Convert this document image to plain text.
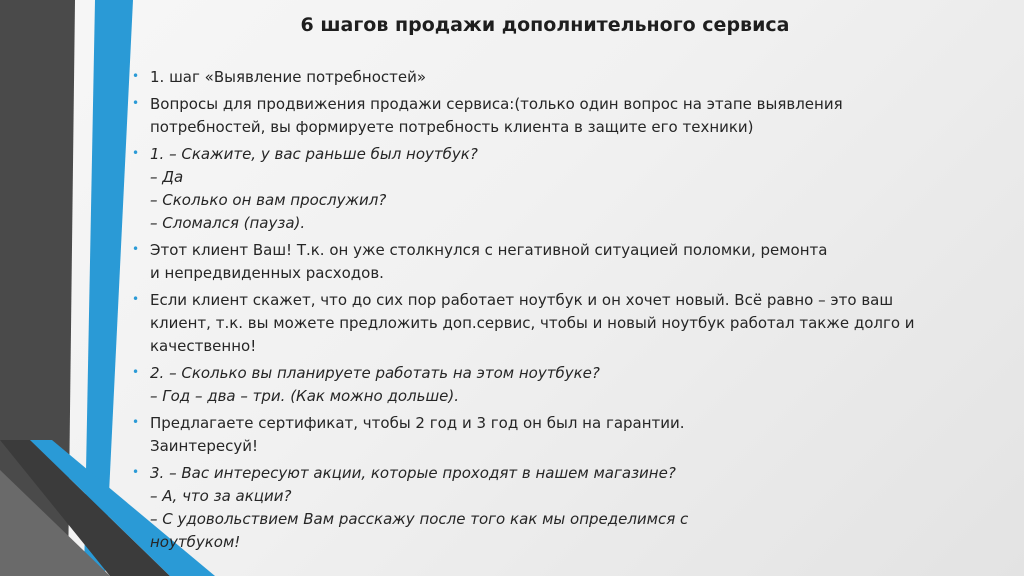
6 шагов продажи дополнительного сервиса
• 1. шаг «Выявление потребностей»
• Вопросы для продвижения продажи сервиса:(только один вопрос на этапе выявления
потребностей, вы формируете потребность клиента в защите его техники)
• 1. – Скажите, у вас раньше был ноутбук?
– Да
– Сколько он вам прослужил?
– Сломался (пауза).
• Этот клиент Ваш! Т.к. он уже столкнулся с негативной ситуацией поломки, ремонта
и непредвиденных расходов.
• Если клиент скажет, что до сих пор работает ноутбук и он хочет новый. Всё равно – это ваш
клиент, т.к. вы можете предложить доп.сервис, чтобы и новый ноутбук работал также долго и
качественно!
• 2. – Сколько вы планируете работать на этом ноутбуке?
– Год – два – три. (Как можно дольше).
• Предлагаете сертификат, чтобы 2 год и 3 год он был на гарантии.
Заинтересуй!
• 3. – Вас интересуют акции, которые проходят в нашем магазине?
– А, что за акции?
– С удовольствием Вам расскажу после того как мы определимся с
ноутбуком!
